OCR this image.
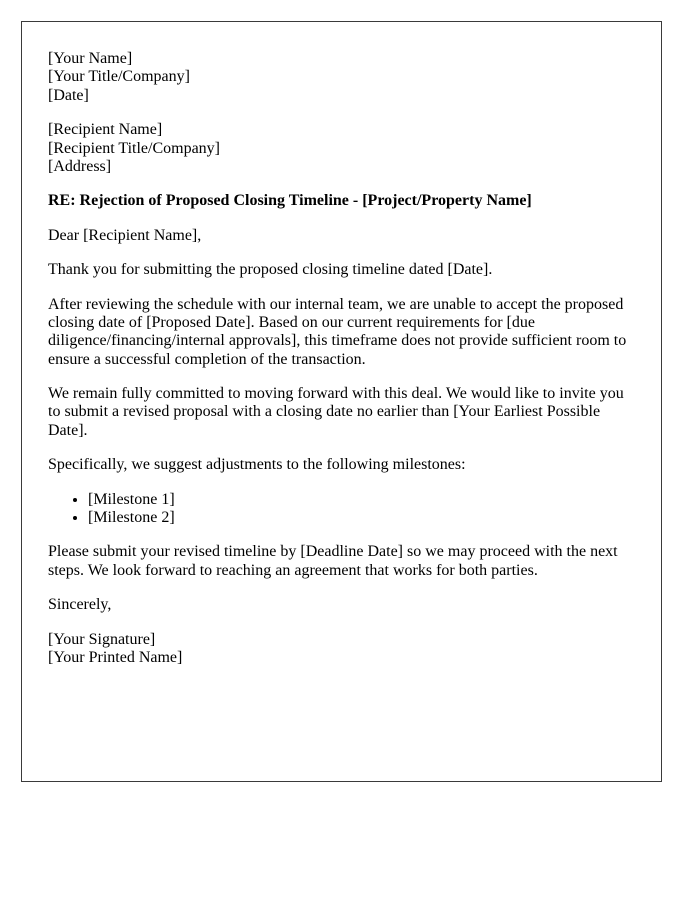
[Your Name]
[Your Title/Company]
[Date]
[Recipient Name]
[Recipient Title/Company]
[Address]
RE: Rejection of Proposed Closing Timeline - [Project/Property Name]
Dear [Recipient Name],
Thank you for submitting the proposed closing timeline dated [Date].
After reviewing the schedule with our internal team, we are unable to accept the proposed closing date of [Proposed Date]. Based on our current requirements for [due diligence/financing/internal approvals], this timeframe does not provide sufficient room to ensure a successful completion of the transaction.
We remain fully committed to moving forward with this deal. We would like to invite you to submit a revised proposal with a closing date no earlier than [Your Earliest Possible Date].
Specifically, we suggest adjustments to the following milestones:
• [Milestone 1]
• [Milestone 2]
Please submit your revised timeline by [Deadline Date] so we may proceed with the next steps. We look forward to reaching an agreement that works for both parties.
Sincerely,
[Your Signature]
[Your Printed Name]
